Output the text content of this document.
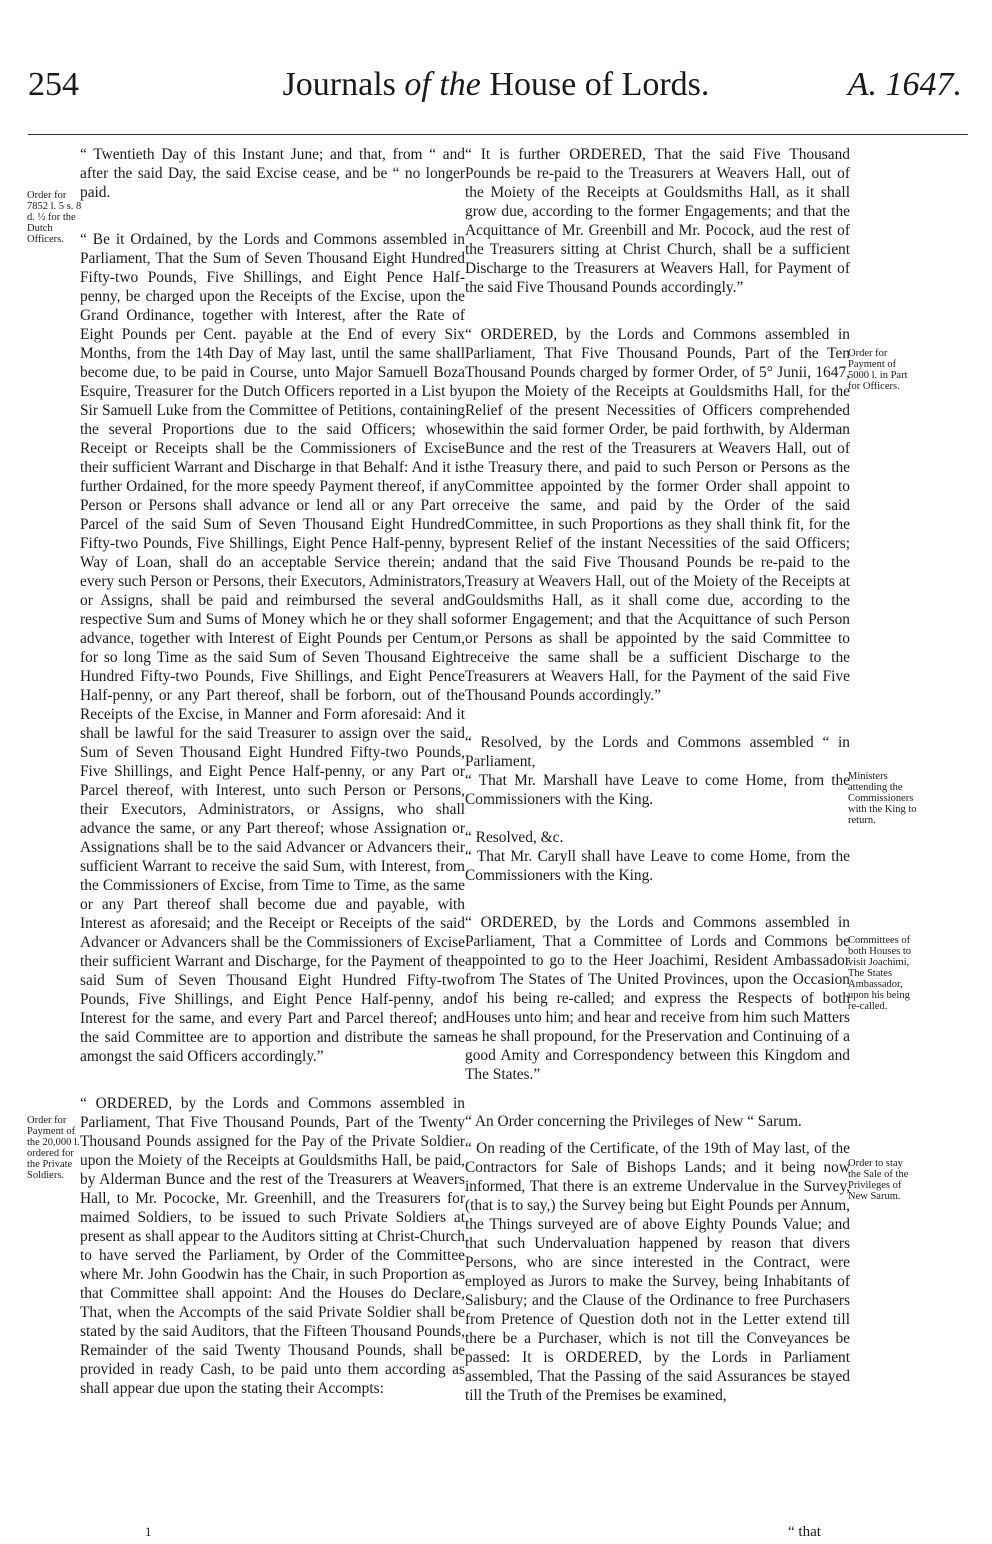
254	Journals of the House of Lords.	A. 1647.
Order for 7852 l. 5 s. 8 d. ½ for the Dutch Officers.
Order for Payment of the 20,000 l. ordered for the Private Soldiers.
Order for Payment of 5000 l. in Part for Officers.
Ministers attending the Commissioners with the King to return.
Committees of both Houses to visit Joachimi, The States Ambassador, upon his being re-called.
Order to stay the Sale of the Privileges of New Sarum.

“ Twentieth Day of this Instant June; and that, from “ and after the said Day, the said Excise cease, and be “ no longer paid.

“ Be it Ordained, by the Lords and Commons assembled in Parliament, That the Sum of Seven Thousand Eight Hundred Fifty-two Pounds, Five Shillings, and Eight Pence Half-penny, be charged upon the Receipts of the Excise, upon the Grand Ordinance, together with Interest, after the Rate of Eight Pounds per Cent. payable at the End of every Six Months, from the 14th Day of May last, until the same shall become due, to be paid in Course, unto Major Samuell Boza Esquire, Treasurer for the Dutch Officers reported in a List by Sir Samuell Luke from the Committee of Petitions, containing the several Proportions due to the said Officers; whose Receipt or Receipts shall be the Commissioners of Excise their sufficient Warrant and Discharge in that Behalf: And it is further Ordained, for the more speedy Payment thereof, if any Person or Persons shall advance or lend all or any Part or Parcel of the said Sum of Seven Thousand Eight Hundred Fifty-two Pounds, Five Shillings, Eight Pence Half-penny, by Way of Loan, shall do an acceptable Service therein; and every such Person or Persons, their Executors, Administrators, or Assigns, shall be paid and reimbursed the several and respective Sum and Sums of Money which he or they shall so advance, together with Interest of Eight Pounds per Centum, for so long Time as the said Sum of Seven Thousand Eight Hundred Fifty-two Pounds, Five Shillings, and Eight Pence Half-penny, or any Part thereof, shall be forborn, out of the Receipts of the Excise, in Manner and Form aforesaid: And it shall be lawful for the said Treasurer to assign over the said Sum of Seven Thousand Eight Hundred Fifty-two Pounds, Five Shillings, and Eight Pence Half-penny, or any Part or Parcel thereof, with Interest, unto such Person or Persons, their Executors, Administrators, or Assigns, who shall advance the same, or any Part thereof; whose Assignation or Assignations shall be to the said Advancer or Advancers their sufficient Warrant to receive the said Sum, with Interest, from the Commissioners of Excise, from Time to Time, as the same or any Part thereof shall become due and payable, with Interest as aforesaid; and the Receipt or Receipts of the said Advancer or Advancers shall be the Commissioners of Excise their sufficient Warrant and Discharge, for the Payment of the said Sum of Seven Thousand Eight Hundred Fifty-two Pounds, Five Shillings, and Eight Pence Half-penny, and Interest for the same, and every Part and Parcel thereof; and the said Committee are to apportion and distribute the same amongst the said Officers accordingly.”

“ ORDERED, by the Lords and Commons assembled in Parliament, That Five Thousand Pounds, Part of the Twenty Thousand Pounds assigned for the Pay of the Private Soldier upon the Moiety of the Receipts at Gouldsmiths Hall, be paid, by Alderman Bunce and the rest of the Treasurers at Weavers Hall, to Mr. Pococke, Mr. Greenhill, and the Treasurers for maimed Soldiers, to be issued to such Private Soldiers at present as shall appear to the Auditors sitting at Christ-Church to have served the Parliament, by Order of the Committee where Mr. John Goodwin has the Chair, in such Proportion as that Committee shall appoint: And the Houses do Declare, That, when the Accompts of the said Private Soldier shall be stated by the said Auditors, that the Fifteen Thousand Pounds, Remainder of the said Twenty Thousand Pounds, shall be provided in ready Cash, to be paid unto them according as shall appear due upon the stating their Accompts:

“ It is further ORDERED, That the said Five Thousand Pounds be re-paid to the Treasurers at Weavers Hall, out of the Moiety of the Receipts at Gouldsmiths Hall, as it shall grow due, according to the former Engagements; and that the Acquittance of Mr. Greenbill and Mr. Pocock, aud the rest of the Treasurers sitting at Christ Church, shall be a sufficient Discharge to the Treasurers at Weavers Hall, for Payment of the said Five Thousand Pounds accordingly.”

“ ORDERED, by the Lords and Commons assembled in Parliament, That Five Thousand Pounds, Part of the Ten Thousand Pounds charged by former Order, of 5° Junii, 1647, upon the Moiety of the Receipts at Gouldsmiths Hall, for the Relief of the present Necessities of Officers comprehended within the said former Order, be paid forthwith, by Alderman Bunce and the rest of the Treasurers at Weavers Hall, out of the Treasury there, and paid to such Person or Persons as the Committee appointed by the former Order shall appoint to receive the same, and paid by the Order of the said Committee, in such Proportions as they shall think fit, for the present Relief of the instant Necessities of the said Officers; and that the said Five Thousand Pounds be re-paid to the Treasury at Weavers Hall, out of the Moiety of the Receipts at Gouldsmiths Hall, as it shall come due, according to the former Engagement; and that the Acquittance of such Person or Persons as shall be appointed by the said Committee to receive the same shall be a sufficient Discharge to the Treasurers at Weavers Hall, for the Payment of the said Five Thousand Pounds accordingly.”

“ Resolved, by the Lords and Commons assembled “ in Parliament,

“ That Mr. Marshall have Leave to come Home, from the Commissioners with the King.

“ Resolved, &c.

“ That Mr. Caryll shall have Leave to come Home, from the Commissioners with the King.

“ ORDERED, by the Lords and Commons assembled in Parliament, That a Committee of Lords and Commons be appointed to go to the Heer Joachimi, Resident Ambassador from The States of The United Provinces, upon the Occasion of his being re-called; and express the Respects of both Houses unto him; and hear and receive from him such Matters as he shall propound, for the Preservation and Continuing of a good Amity and Correspondency between this Kingdom and The States.”

“ An Order concerning the Privileges of New “ Sarum.

“ On reading of the Certificate, of the 19th of May last, of the Contractors for Sale of Bishops Lands; and it being now informed, That there is an extreme Undervalue in the Survey, (that is to say,) the Survey being but Eight Pounds per Annum, the Things surveyed are of above Eighty Pounds Value; and that such Undervaluation happened by reason that divers Persons, who are since interested in the Contract, were employed as Jurors to make the Survey, being Inhabitants of Salisbury; and the Clause of the Ordinance to free Purchasers from Pretence of Question doth not in the Letter extend till there be a Purchaser, which is not till the Conveyances be passed: It is ORDERED, by the Lords in Parliament assembled, That the Passing of the said Assurances be stayed till the Truth of the Premises be examined,

1	“ that
